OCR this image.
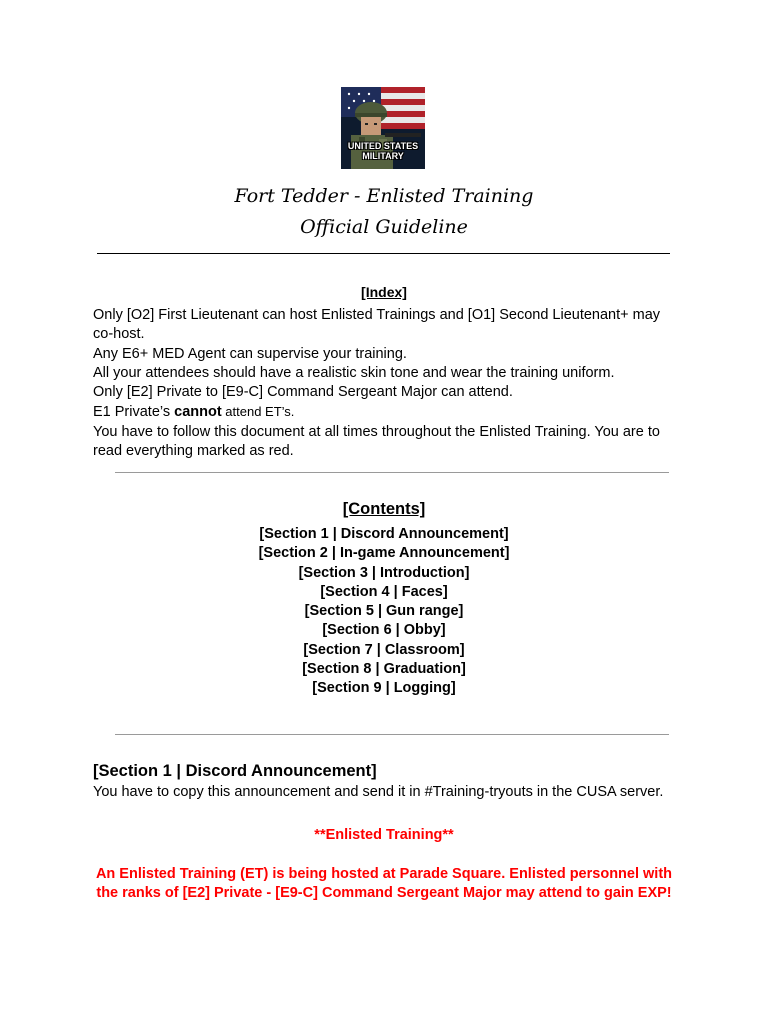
UNITED STATES
MILITARY
Fort Tedder - Enlisted Training
Official Guideline
[Index]

Only [O2] First Lieutenant can host Enlisted Trainings and [O1] Second Lieutenant+ may co-host.

Any E6+ MED Agent can supervise your training.

All your attendees should have a realistic skin tone and wear the training uniform.

Only [E2] Private to [E9-C] Command Sergeant Major can attend.

E1 Private’s cannot attend ET’s.

You have to follow this document at all times throughout the Enlisted Training. You are to read everything marked as red.

[Contents]
[Section 1 | Discord Announcement]
[Section 2 | In-game Announcement]
[Section 3 | Introduction]
[Section 4 | Faces]
[Section 5 | Gun range]
[Section 6 | Obby]
[Section 7 | Classroom]
[Section 8 | Graduation]
[Section 9 | Logging]
[Section 1 | Discord Announcement]
You have to copy this announcement and send it in #Training-tryouts in the CUSA server.
**Enlisted Training**
An Enlisted Training (ET) is being hosted at Parade Square. Enlisted personnel with the ranks of [E2] Private - [E9-C] Command Sergeant Major may attend to gain EXP!
